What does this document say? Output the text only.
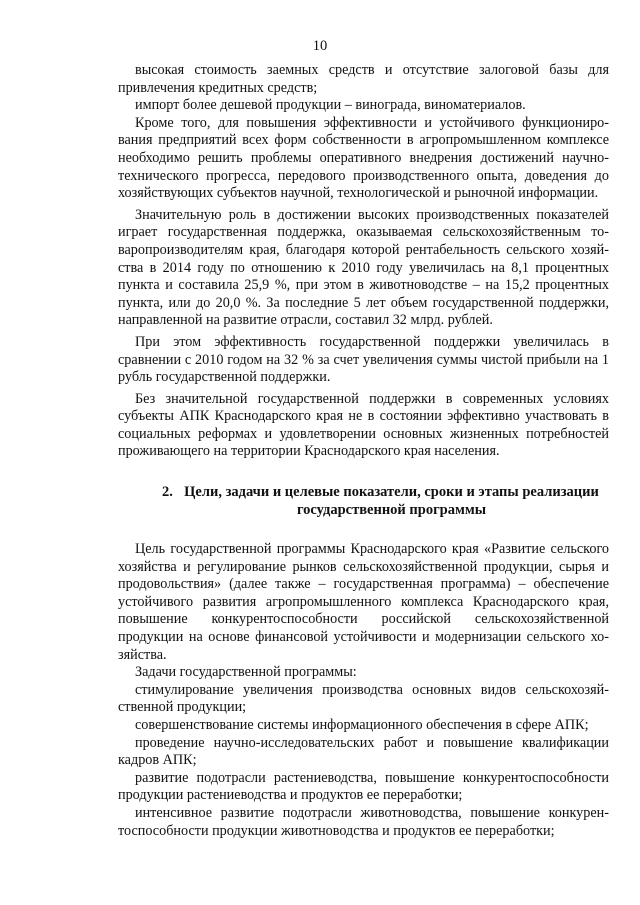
10

высокая стоимость заемных средств и отсутствие залоговой базы для привлечения кредитных средств;

импорт более дешевой продукции – винограда, виноматериалов.

Кроме того, для повышения эффективности и устойчивого функционирования предприятий всех форм собственности в агропромышленном комплексе необходимо решить проблемы оперативного внедрения достижений научно-технического прогресса, передового производственного опыта, доведения до хозяйствующих субъектов научной, технологической и рыночной информации.

Значительную роль в достижении высоких производственных показателей играет государственная поддержка, оказываемая сельскохозяйственным товаропроизводителям края, благодаря которой рентабельность сельского хозяйства в 2014 году по отношению к 2010 году увеличилась на 8,1 процентных пункта и составила 25,9 %, при этом в животноводстве – на 15,2 процентных пункта, или до 20,0 %. За последние 5 лет объем государственной поддержки, направленной на развитие отрасли, составил 32 млрд. рублей.

При этом эффективность государственной поддержки увеличилась в сравнении с 2010 годом на 32 % за счет увеличения суммы чистой прибыли на 1 рубль государственной поддержки.

Без значительной государственной поддержки в современных условиях субъекты АПК Краснодарского края не в состоянии эффективно участвовать в социальных реформах и удовлетворении основных жизненных потребностей проживающего на территории Краснодарского края населения.

2. Цели, задачи и целевые показатели, сроки и этапы реализации государственной программы

Цель государственной программы Краснодарского края «Развитие сельского хозяйства и регулирование рынков сельскохозяйственной продукции, сырья и продовольствия» (далее также – государственная программа) – обеспечение устойчивого развития агропромышленного комплекса Краснодарского края, повышение конкурентоспособности российской сельскохозяйственной продукции на основе финансовой устойчивости и модернизации сельского хозяйства.

Задачи государственной программы:

стимулирование увеличения производства основных видов сельскохозяйственной продукции;

совершенствование системы информационного обеспечения в сфере АПК;

проведение научно-исследовательских работ и повышение квалификации кадров АПК;

развитие подотрасли растениеводства, повышение конкурентоспособности продукции растениеводства и продуктов ее переработки;

интенсивное развитие подотрасли животноводства, повышение конкурентоспособности продукции животноводства и продуктов ее переработки;
